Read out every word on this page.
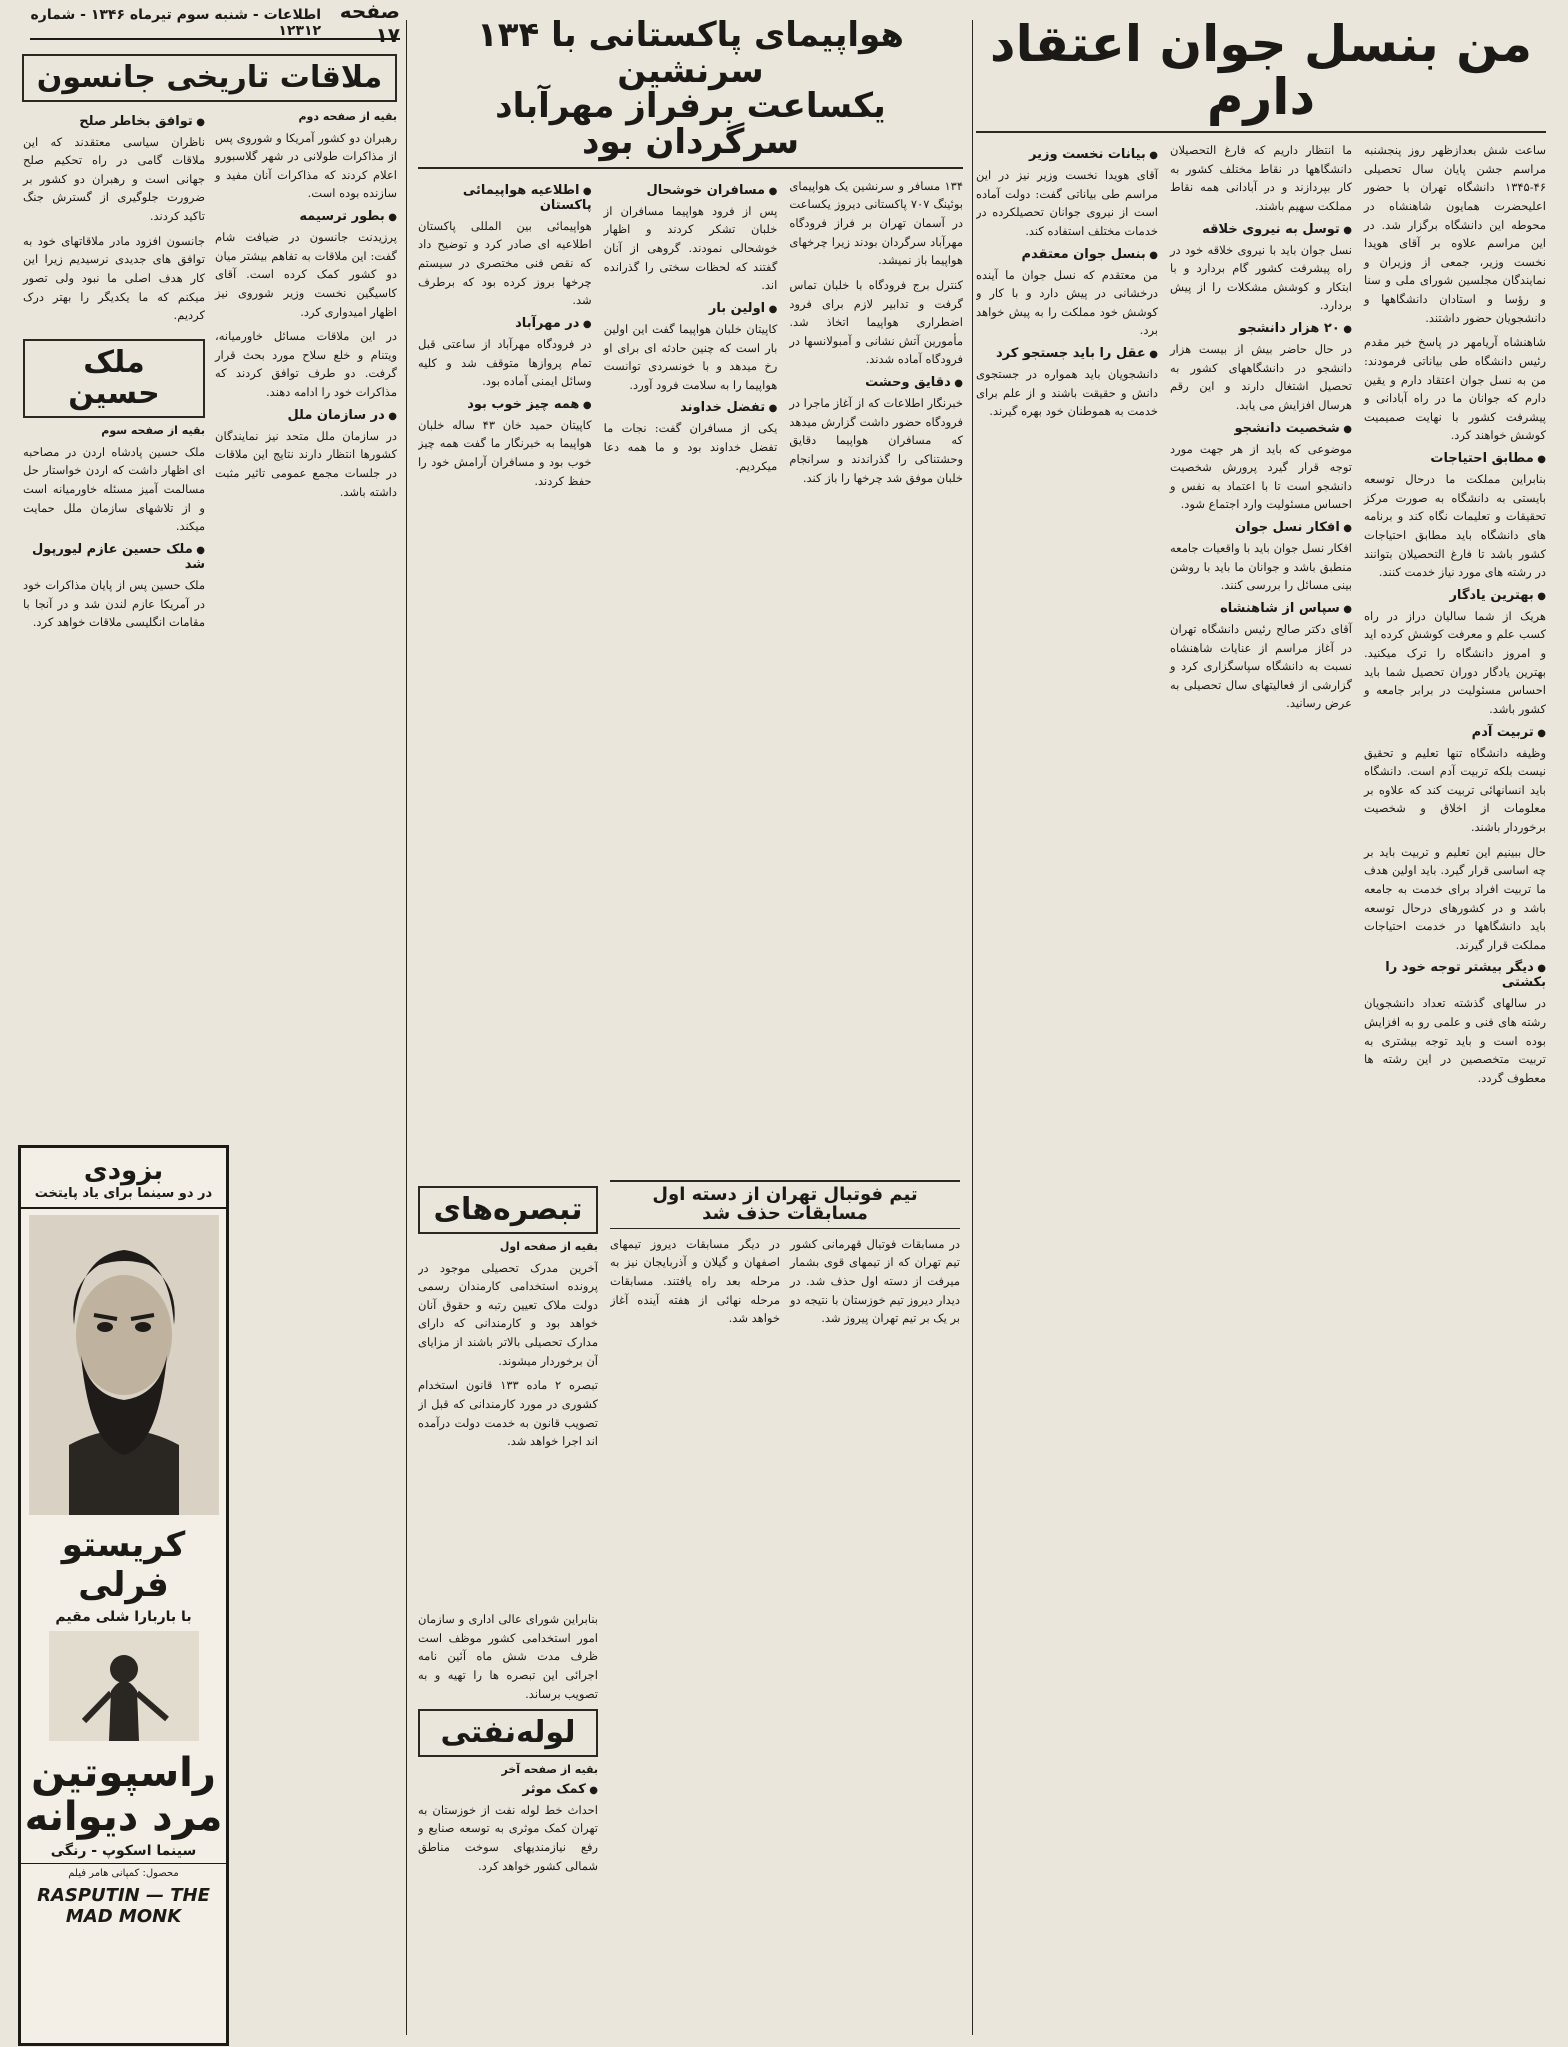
صفحه ۱۷
اطلاعات - شنبه سوم تیرماه ۱۳۴۶ - شماره ۱۲۳۱۲	من بنسل جوان اعتقاد دارم

ساعت شش بعدازظهر روز پنجشنبه مراسم جشن پایان سال تحصیلی ۴۶-۱۳۴۵ دانشگاه تهران با حضور اعلیحضرت همایون شاهنشاه در محوطه این دانشگاه برگزار شد. در این مراسم علاوه بر آقای هویدا نخست وزیر، جمعی از وزیران و نمایندگان مجلسین شورای ملی و سنا و رؤسا و استادان دانشگاهها و دانشجویان حضور داشتند.

شاهنشاه آریامهر در پاسخ خیر مقدم رئیس دانشگاه طی بیاناتی فرمودند: من به نسل جوان اعتقاد دارم و یقین دارم که جوانان ما در راه آبادانی و پیشرفت کشور با نهایت صمیمیت کوشش خواهند کرد.

● مطابق احتیاجات

بنابراین مملکت ما درحال توسعه بایستی به دانشگاه به صورت مرکز تحقیقات و تعلیمات نگاه کند و برنامه های دانشگاه باید مطابق احتیاجات کشور باشد تا فارغ التحصیلان بتوانند در رشته های مورد نیاز خدمت کنند.

● بهترین یادگار

هریک از شما سالیان دراز در راه کسب علم و معرفت کوشش کرده اید و امروز دانشگاه را ترک میکنید. بهترین یادگار دوران تحصیل شما باید احساس مسئولیت در برابر جامعه و کشور باشد.

● تربیت آدم

وظیفه دانشگاه تنها تعلیم و تحقیق نیست بلکه تربیت آدم است. دانشگاه باید انسانهائی تربیت کند که علاوه بر معلومات از اخلاق و شخصیت برخوردار باشند.

حال ببینیم این تعلیم و تربیت باید بر چه اساسی قرار گیرد. باید اولین هدف ما تربیت افراد برای خدمت به جامعه باشد و در کشورهای درحال توسعه باید دانشگاهها در خدمت احتیاجات مملکت قرار گیرند.

● دیگر بیشتر توجه خود را بکشتی

در سالهای گذشته تعداد دانشجویان رشته های فنی و علمی رو به افزایش بوده است و باید توجه بیشتری به تربیت متخصصین در این رشته ها معطوف گردد.

ما انتظار داریم که فارغ التحصیلان دانشگاهها در نقاط مختلف کشور به کار بپردازند و در آبادانی همه نقاط مملکت سهیم باشند.

● توسل به نیروی خلاقه

نسل جوان باید با نیروی خلاقه خود در راه پیشرفت کشور گام بردارد و با ابتکار و کوشش مشکلات را از پیش بردارد.

● ۲۰ هزار دانشجو

در حال حاضر بیش از بیست هزار دانشجو در دانشگاههای کشور به تحصیل اشتغال دارند و این رقم هرسال افزایش می یابد.

● شخصیت دانشجو

موضوعی که باید از هر جهت مورد توجه قرار گیرد پرورش شخصیت دانشجو است تا با اعتماد به نفس و احساس مسئولیت وارد اجتماع شود.

● افکار نسل جوان

افکار نسل جوان باید با واقعیات جامعه منطبق باشد و جوانان ما باید با روشن بینی مسائل را بررسی کنند.

● سپاس از شاهنشاه

آقای دکتر صالح رئیس دانشگاه تهران در آغاز مراسم از عنایات شاهنشاه نسبت به دانشگاه سپاسگزاری کرد و گزارشی از فعالیتهای سال تحصیلی به عرض رسانید.

● بیانات نخست وزیر

آقای هویدا نخست وزیر نیز در این مراسم طی بیاناتی گفت: دولت آماده است از نیروی جوانان تحصیلکرده در خدمات مختلف استفاده کند.

● بنسل جوان معتقدم

من معتقدم که نسل جوان ما آینده درخشانی در پیش دارد و با کار و کوشش خود مملکت را به پیش خواهد برد.

● عقل را باید جستجو کرد

دانشجویان باید همواره در جستجوی دانش و حقیقت باشند و از علم برای خدمت به هموطنان خود بهره گیرند.

هواپیمای پاکستانی با ۱۳۴ سرنشین
یکساعت برفراز مهرآباد سرگردان بود

۱۳۴ مسافر و سرنشین یک هواپیمای بوئینگ ۷۰۷ پاکستانی دیروز یکساعت در آسمان تهران بر فراز فرودگاه مهرآباد سرگردان بودند زیرا چرخهای هواپیما باز نمیشد.

کنترل برج فرودگاه با خلبان تماس گرفت و تدابیر لازم برای فرود اضطراری هواپیما اتخاذ شد. مأمورین آتش نشانی و آمبولانسها در فرودگاه آماده شدند.

● دقایق وحشت

خبرنگار اطلاعات که از آغاز ماجرا در فرودگاه حضور داشت گزارش میدهد که مسافران هواپیما دقایق وحشتناکی را گذراندند و سرانجام خلبان موفق شد چرخها را باز کند.

● مسافران خوشحال

پس از فرود هواپیما مسافران از خلبان تشکر کردند و اظهار خوشحالی نمودند. گروهی از آنان گفتند که لحظات سختی را گذرانده اند.

● اولین بار

کاپیتان خلبان هواپیما گفت این اولین بار است که چنین حادثه ای برای او رخ میدهد و با خونسردی توانست هواپیما را به سلامت فرود آورد.

● تفضل خداوند

یکی از مسافران گفت: نجات ما تفضل خداوند بود و ما همه دعا میکردیم.

● اطلاعیه هواپیمائی پاکستان

هواپیمائی بین المللی پاکستان اطلاعیه ای صادر کرد و توضیح داد که نقص فنی مختصری در سیستم چرخها بروز کرده بود که برطرف شد.

● در مهرآباد

در فرودگاه مهرآباد از ساعتی قبل تمام پروازها متوقف شد و کلیه وسائل ایمنی آماده بود.

● همه چیز خوب بود

کاپیتان حمید خان ۴۳ ساله خلبان هواپیما به خبرنگار ما گفت همه چیز خوب بود و مسافران آرامش خود را حفظ کردند.

تیم فوتبال تهران از دسته اول مسابقات حذف شد

در مسابقات فوتبال قهرمانی کشور تیم تهران که از تیمهای قوی بشمار میرفت از دسته اول حذف شد. در دیدار دیروز تیم خوزستان با نتیجه دو بر یک بر تیم تهران پیروز شد.

در دیگر مسابقات دیروز تیمهای اصفهان و گیلان و آذربایجان نیز به مرحله بعد راه یافتند. مسابقات مرحله نهائی از هفته آینده آغاز خواهد شد.

تبصره‌های
بقیه از صفحه اول

آخرین مدرک تحصیلی موجود در پرونده استخدامی کارمندان رسمی دولت ملاک تعیین رتبه و حقوق آنان خواهد بود و کارمندانی که دارای مدارک تحصیلی بالاتر باشند از مزایای آن برخوردار میشوند.

تبصره ۲ ماده ۱۳۳ قانون استخدام کشوری در مورد کارمندانی که قبل از تصویب قانون به خدمت دولت درآمده اند اجرا خواهد شد.

بنابراین شورای عالی اداری و سازمان امور استخدامی کشور موظف است ظرف مدت شش ماه آئین نامه اجرائی این تبصره ها را تهیه و به تصویب برساند.

لوله‌نفتی
بقیه از صفحه آخر
● کمک موثر

احداث خط لوله نفت از خوزستان به تهران کمک موثری به توسعه صنایع و رفع نیازمندیهای سوخت مناطق شمالی کشور خواهد کرد.

ملاقات تاریخی جانسون
بقیه از صفحه دوم

رهبران دو کشور آمریکا و شوروی پس از مذاکرات طولانی در شهر گلاسبورو اعلام کردند که مذاکرات آنان مفید و سازنده بوده است.

● بطور ترسیمه

پرزیدنت جانسون در ضیافت شام گفت: این ملاقات به تفاهم بیشتر میان دو کشور کمک کرده است. آقای کاسیگین نخست وزیر شوروی نیز اظهار امیدواری کرد.

در این ملاقات مسائل خاورمیانه، ویتنام و خلع سلاح مورد بحث قرار گرفت. دو طرف توافق کردند که مذاکرات خود را ادامه دهند.

● در سازمان ملل

در سازمان ملل متحد نیز نمایندگان کشورها انتظار دارند نتایج این ملاقات در جلسات مجمع عمومی تاثیر مثبت داشته باشد.

● توافق بخاطر صلح

ناظران سیاسی معتقدند که این ملاقات گامی در راه تحکیم صلح جهانی است و رهبران دو کشور بر ضرورت جلوگیری از گسترش جنگ تاکید کردند.

جانسون افزود مادر ملاقاتهای خود به توافق های جدیدی نرسیدیم زیرا این کار هدف اصلی ما نبود ولی تصور میکنم که ما یکدیگر را بهتر درک کردیم.

ملک حسین
بقیه از صفحه سوم

ملک حسین پادشاه اردن در مصاحبه ای اظهار داشت که اردن خواستار حل مسالمت آمیز مسئله خاورمیانه است و از تلاشهای سازمان ملل حمایت میکند.

● ملک حسین عازم لیورپول شد

ملک حسین پس از پایان مذاکرات خود در آمریکا عازم لندن شد و در آنجا با مقامات انگلیسی ملاقات خواهد کرد.

بزودی
در دو سینما برای یاد پایتخت
کریستو فرلی
با باربارا شلی مقیم
راسپوتین مرد دیوانه
سینما اسکوپ - رنگی
محصول: کمپانی هامر فیلم
RASPUTIN — THE MAD MONK
